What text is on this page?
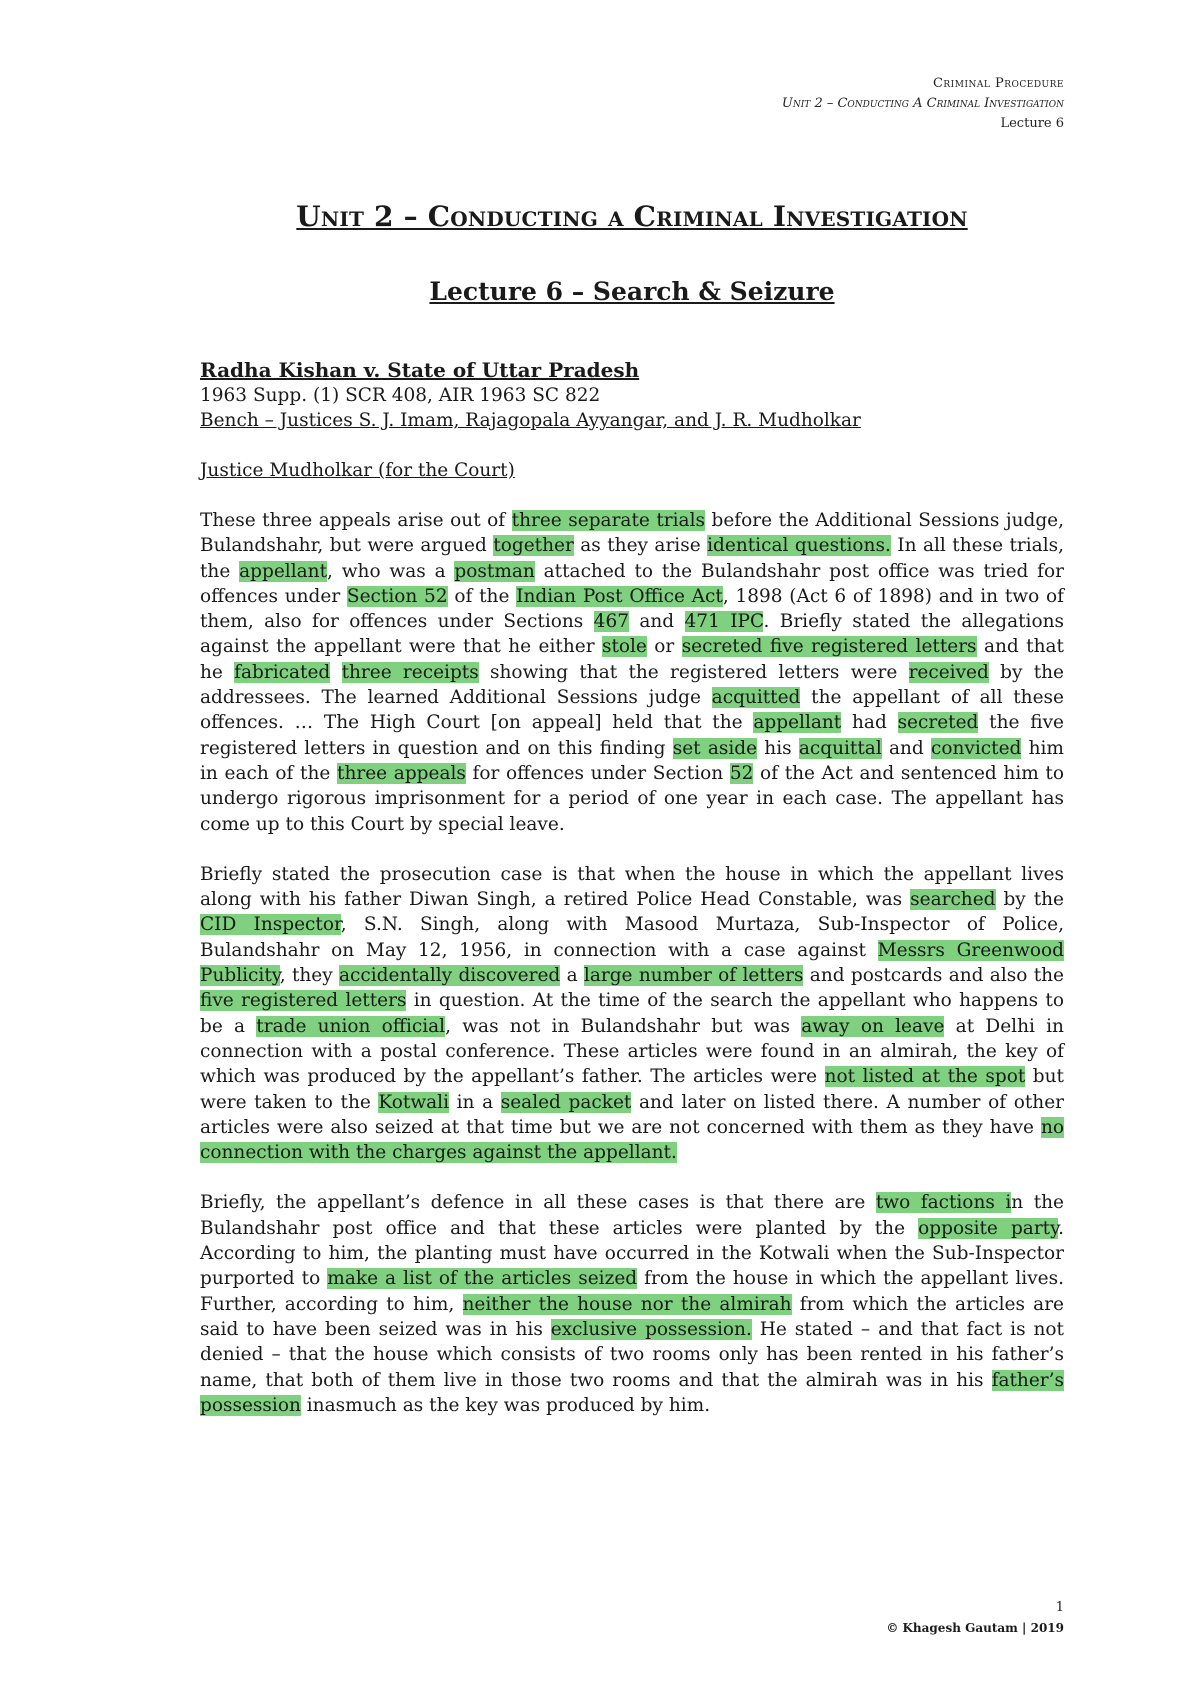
Criminal Procedure
Unit 2 – Conducting A Criminal Investigation
Lecture 6
Unit 2 – Conducting a Criminal Investigation
Lecture 6 – Search & Seizure

Radha Kishan v. State of Uttar Pradesh

1963 Supp. (1) SCR 408, AIR 1963 SC 822

Bench – Justices S. J. Imam, Rajagopala Ayyangar, and J. R. Mudholkar

Justice Mudholkar (for the Court)

These three appeals arise out of three separate trials before the Additional Sessions judge, Bulandshahr, but were argued together as they arise identical questions. In all these trials, the appellant, who was a postman attached to the Bulandshahr post office was tried for offences under Section 52 of the Indian Post Office Act, 1898 (Act 6 of 1898) and in two of them, also for offences under Sections 467 and 471 IPC. Briefly stated the allegations against the appellant were that he either stole or secreted five registered letters and that he fabricated three receipts showing that the registered letters were received by the addressees. The learned Additional Sessions judge acquitted the appellant of all these offences. … The High Court [on appeal] held that the appellant had secreted the five registered letters in question and on this finding set aside his acquittal and convicted him in each of the three appeals for offences under Section 52 of the Act and sentenced him to undergo rigorous imprisonment for a period of one year in each case. The appellant has come up to this Court by special leave.

Briefly stated the prosecution case is that when the house in which the appellant lives along with his father Diwan Singh, a retired Police Head Constable, was searched by the CID Inspector, S.N. Singh, along with Masood Murtaza, Sub-Inspector of Police, Bulandshahr on May 12, 1956, in connection with a case against Messrs Greenwood Publicity, they accidentally discovered a large number of letters and postcards and also the five registered letters in question. At the time of the search the appellant who happens to be a trade union official, was not in Bulandshahr but was away on leave at Delhi in connection with a postal conference. These articles were found in an almirah, the key of which was produced by the appellant’s father. The articles were not listed at the spot but were taken to the Kotwali in a sealed packet and later on listed there. A number of other articles were also seized at that time but we are not concerned with them as they have no connection with the charges against the appellant.

Briefly, the appellant’s defence in all these cases is that there are two factions in the Bulandshahr post office and that these articles were planted by the opposite party. According to him, the planting must have occurred in the Kotwali when the Sub-Inspector purported to make a list of the articles seized from the house in which the appellant lives. Further, according to him, neither the house nor the almirah from which the articles are said to have been seized was in his exclusive possession. He stated – and that fact is not denied – that the house which consists of two rooms only has been rented in his father’s name, that both of them live in those two rooms and that the almirah was in his father’s possession inasmuch as the key was produced by him.

1
© Khagesh Gautam | 2019
